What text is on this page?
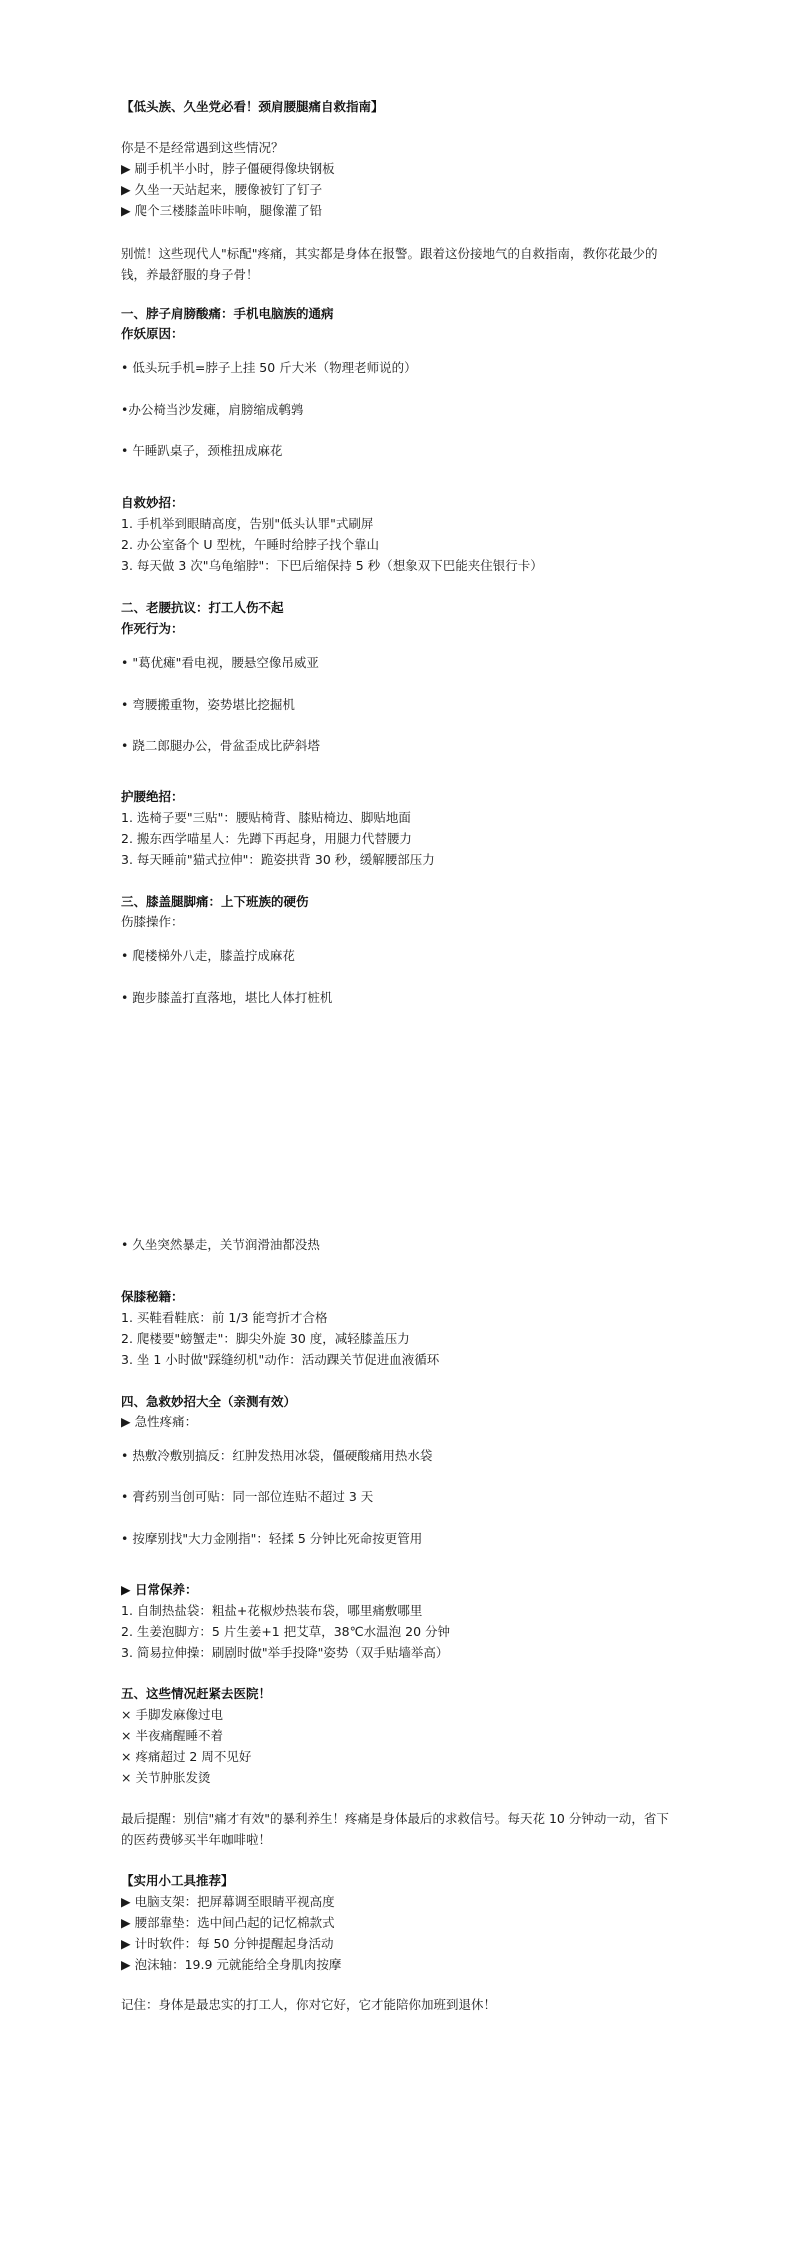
【低头族、久坐党必看！颈肩腰腿痛自救指南】
你是不是经常遇到这些情况？
▶ 刷手机半小时，脖子僵硬得像块钢板
▶ 久坐一天站起来，腰像被钉了钉子
▶ 爬个三楼膝盖咔咔响，腿像灌了铅
别慌！这些现代人"标配"疼痛，其实都是身体在报警。跟着这份接地气的自救指南，教你花最少的钱，养最舒服的身子骨！
一、脖子肩膀酸痛：手机电脑族的通病
作妖原因：
• 低头玩手机=脖子上挂 50 斤大米（物理老师说的）
•办公椅当沙发瘫，肩膀缩成鹌鹑
• 午睡趴桌子，颈椎扭成麻花
自救妙招：
1. 手机举到眼睛高度，告别"低头认罪"式刷屏
2. 办公室备个 U 型枕，午睡时给脖子找个靠山
3. 每天做 3 次"乌龟缩脖"：下巴后缩保持 5 秒（想象双下巴能夹住银行卡）
二、老腰抗议：打工人伤不起
作死行为：
• "葛优瘫"看电视，腰悬空像吊威亚
• 弯腰搬重物，姿势堪比挖掘机
• 跷二郎腿办公，骨盆歪成比萨斜塔
护腰绝招：
1. 选椅子要"三贴"：腰贴椅背、膝贴椅边、脚贴地面
2. 搬东西学喵星人：先蹲下再起身，用腿力代替腰力
3. 每天睡前"猫式拉伸"：跪姿拱背 30 秒，缓解腰部压力
三、膝盖腿脚痛：上下班族的硬伤
伤膝操作：
• 爬楼梯外八走，膝盖拧成麻花
• 跑步膝盖打直落地，堪比人体打桩机
• 久坐突然暴走，关节润滑油都没热
保膝秘籍：
1. 买鞋看鞋底：前 1/3 能弯折才合格
2. 爬楼要"螃蟹走"：脚尖外旋 30 度，减轻膝盖压力
3. 坐 1 小时做"踩缝纫机"动作：活动踝关节促进血液循环
四、急救妙招大全（亲测有效）
▶ 急性疼痛：
• 热敷冷敷别搞反：红肿发热用冰袋，僵硬酸痛用热水袋
• 膏药别当创可贴：同一部位连贴不超过 3 天
• 按摩别找"大力金刚指"：轻揉 5 分钟比死命按更管用
▶ 日常保养：
1. 自制热盐袋：粗盐+花椒炒热装布袋，哪里痛敷哪里
2. 生姜泡脚方：5 片生姜+1 把艾草，38℃水温泡 20 分钟
3. 简易拉伸操：刷剧时做"举手投降"姿势（双手贴墙举高）
五、这些情况赶紧去医院！
× 手脚发麻像过电
× 半夜痛醒睡不着
× 疼痛超过 2 周不见好
× 关节肿胀发烫
最后提醒：别信"痛才有效"的暴利养生！疼痛是身体最后的求救信号。每天花 10 分钟动一动，省下的医药费够买半年咖啡啦！
【实用小工具推荐】
▶ 电脑支架：把屏幕调至眼睛平视高度
▶ 腰部靠垫：选中间凸起的记忆棉款式
▶ 计时软件：每 50 分钟提醒起身活动
▶ 泡沫轴：19.9 元就能给全身肌肉按摩
记住：身体是最忠实的打工人，你对它好，它才能陪你加班到退休！
